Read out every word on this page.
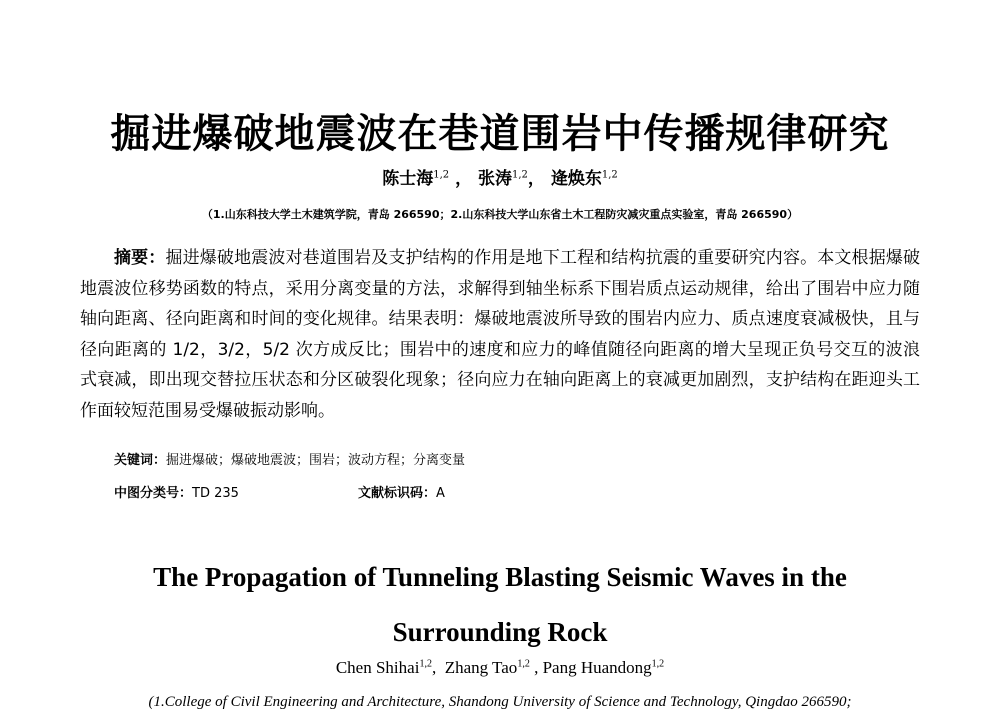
掘进爆破地震波在巷道围岩中传播规律研究
陈士海$^{1,2}$ ， 张涛$^{1,2}$， 逄焕东$^{1,2}$
（1.山东科技大学土木建筑学院，青岛 266590；2.山东科技大学山东省土木工程防灾减灾重点实验室，青岛 266590）

摘要：掘进爆破地震波对巷道围岩及支护结构的作用是地下工程和结构抗震的重要研究内容。本文根据爆破地震波位移势函数的特点，采用分离变量的方法，求解得到轴坐标系下围岩质点运动规律，给出了围岩中应力随轴向距离、径向距离和时间的变化规律。结果表明：爆破地震波所导致的围岩内应力、质点速度衰减极快，且与径向距离的 1/2，3/2，5/2 次方成反比；围岩中的速度和应力的峰值随径向距离的增大呈现正负号交互的波浪式衰减，即出现交替拉压状态和分区破裂化现象；径向应力在轴向距离上的衰减更加剧烈，支护结构在距迎头工作面较短范围易受爆破振动影响。

关键词：掘进爆破；爆破地震波；围岩；波动方程；分离变量
中图分类号：TD 235	文献标识码：A
The Propagation of Tunneling Blasting Seismic Waves in the
Surrounding Rock
Chen Shihai$^{1,2}$,  Zhang Tao$^{1,2}$ , Pang Huandong$^{1,2}$
(1.College of Civil Engineering and Architecture, Shandong University of Science and Technology, Qingdao 266590;
